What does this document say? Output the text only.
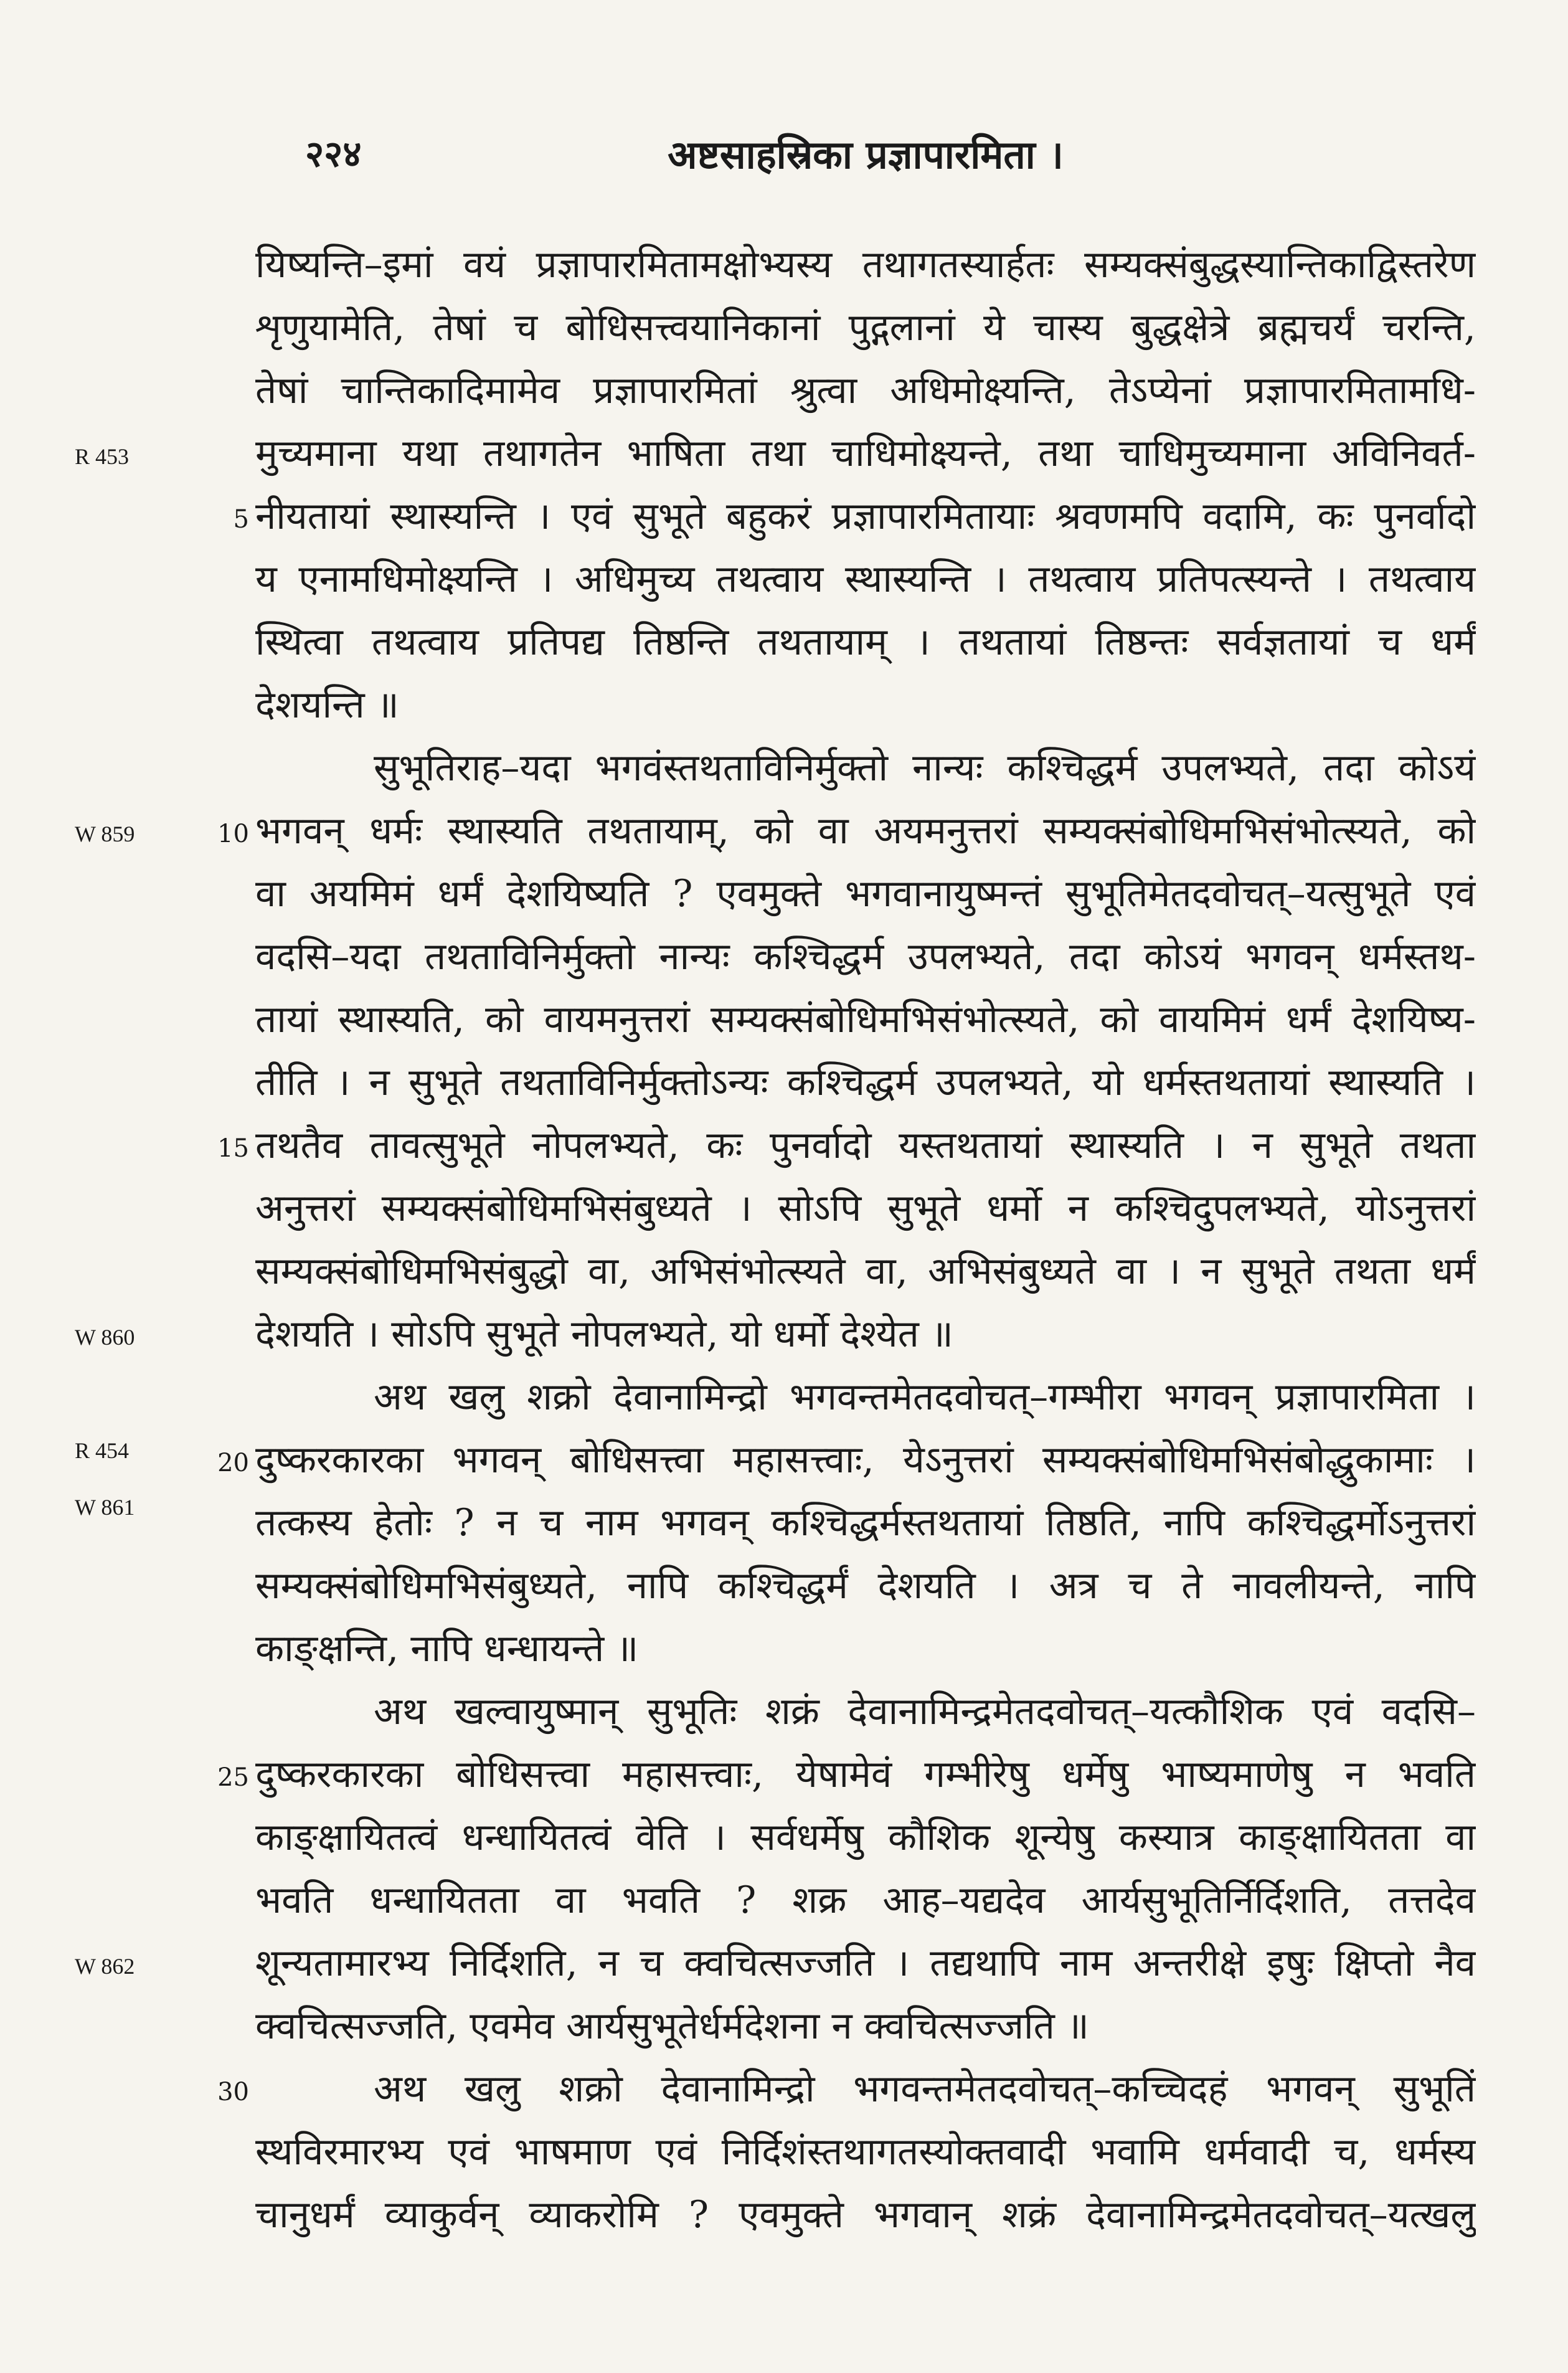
२२४	अष्टसाहस्रिका प्रज्ञापारमिता ।
यिष्यन्ति–इमां वयं प्रज्ञापारमितामक्षोभ्यस्य तथागतस्यार्हतः सम्यक्संबुद्धस्यान्तिकाद्विस्तरेण
शृणुयामेति, तेषां च बोधिसत्त्वयानिकानां पुद्गलानां ये चास्य बुद्धक्षेत्रे ब्रह्मचर्यं चरन्ति,
तेषां चान्तिकादिमामेव प्रज्ञापारमितां श्रुत्वा अधिमोक्ष्यन्ति, तेऽप्येनां प्रज्ञापारमितामधि-
मुच्यमाना यथा तथागतेन भाषिता तथा चाधिमोक्ष्यन्ते, तथा चाधिमुच्यमाना अविनिवर्त-
नीयतायां स्थास्यन्ति । एवं सुभूते बहुकरं प्रज्ञापारमितायाः श्रवणमपि वदामि, कः पुनर्वादो
य एनामधिमोक्ष्यन्ति । अधिमुच्य तथत्वाय स्थास्यन्ति । तथत्वाय प्रतिपत्स्यन्ते । तथत्वाय
स्थित्वा तथत्वाय प्रतिपद्य तिष्ठन्ति तथतायाम् । तथतायां तिष्ठन्तः सर्वज्ञतायां च धर्मं
देशयन्ति ॥
सुभूतिराह–यदा भगवंस्तथताविनिर्मुक्तो नान्यः कश्चिद्धर्म उपलभ्यते, तदा कोऽयं
भगवन् धर्मः स्थास्यति तथतायाम्, को वा अयमनुत्तरां सम्यक्संबोधिमभिसंभोत्स्यते, को
वा अयमिमं धर्मं देशयिष्यति ? एवमुक्ते भगवानायुष्मन्तं सुभूतिमेतदवोचत्–यत्सुभूते एवं
वदसि–यदा तथताविनिर्मुक्तो नान्यः कश्चिद्धर्म उपलभ्यते, तदा कोऽयं भगवन् धर्मस्तथ-
तायां स्थास्यति, को वायमनुत्तरां सम्यक्संबोधिमभिसंभोत्स्यते, को वायमिमं धर्मं देशयिष्य-
तीति । न सुभूते तथताविनिर्मुक्तोऽन्यः कश्चिद्धर्म उपलभ्यते, यो धर्मस्तथतायां स्थास्यति ।
तथतैव तावत्सुभूते नोपलभ्यते, कः पुनर्वादो यस्तथतायां स्थास्यति । न सुभूते तथता
अनुत्तरां सम्यक्संबोधिमभिसंबुध्यते । सोऽपि सुभूते धर्मो न कश्चिदुपलभ्यते, योऽनुत्तरां
सम्यक्संबोधिमभिसंबुद्धो वा, अभिसंभोत्स्यते वा, अभिसंबुध्यते वा । न सुभूते तथता धर्मं
देशयति । सोऽपि सुभूते नोपलभ्यते, यो धर्मो देश्येत ॥
अथ खलु शक्रो देवानामिन्द्रो भगवन्तमेतदवोचत्–गम्भीरा भगवन् प्रज्ञापारमिता ।
दुष्करकारका भगवन् बोधिसत्त्वा महासत्त्वाः, येऽनुत्तरां सम्यक्संबोधिमभिसंबोद्धुकामाः ।
तत्कस्य हेतोः ? न च नाम भगवन् कश्चिद्धर्मस्तथतायां तिष्ठति, नापि कश्चिद्धर्मोऽनुत्तरां
सम्यक्संबोधिमभिसंबुध्यते, नापि कश्चिद्धर्मं देशयति । अत्र च ते नावलीयन्ते, नापि
काङ्क्षन्ति, नापि धन्धायन्ते ॥
अथ खल्वायुष्मान् सुभूतिः शक्रं देवानामिन्द्रमेतदवोचत्–यत्कौशिक एवं वदसि–
दुष्करकारका बोधिसत्त्वा महासत्त्वाः, येषामेवं गम्भीरेषु धर्मेषु भाष्यमाणेषु न भवति
काङ्क्षायितत्वं धन्धायितत्वं वेति । सर्वधर्मेषु कौशिक शून्येषु कस्यात्र काङ्क्षायितता वा
भवति धन्धायितता वा भवति ? शक्र आह–यद्यदेव आर्यसुभूतिर्निर्दिशति, तत्तदेव
शून्यतामारभ्य निर्दिशति, न च क्वचित्सज्जति । तद्यथापि नाम अन्तरीक्षे इषुः क्षिप्तो नैव
क्वचित्सज्जति, एवमेव आर्यसुभूतेर्धर्मदेशना न क्वचित्सज्जति ॥
अथ खलु शक्रो देवानामिन्द्रो भगवन्तमेतदवोचत्–कच्चिदहं भगवन् सुभूतिं
स्थविरमारभ्य एवं भाषमाण एवं निर्दिशंस्तथागतस्योक्तवादी भवामि धर्मवादी च, धर्मस्य
चानुधर्मं व्याकुर्वन् व्याकरोमि ? एवमुक्ते भगवान् शक्रं देवानामिन्द्रमेतदवोचत्–यत्खलु
5
10
15
20
25
30
R 453
W 859
W 860
R 454
W 861
W 862
